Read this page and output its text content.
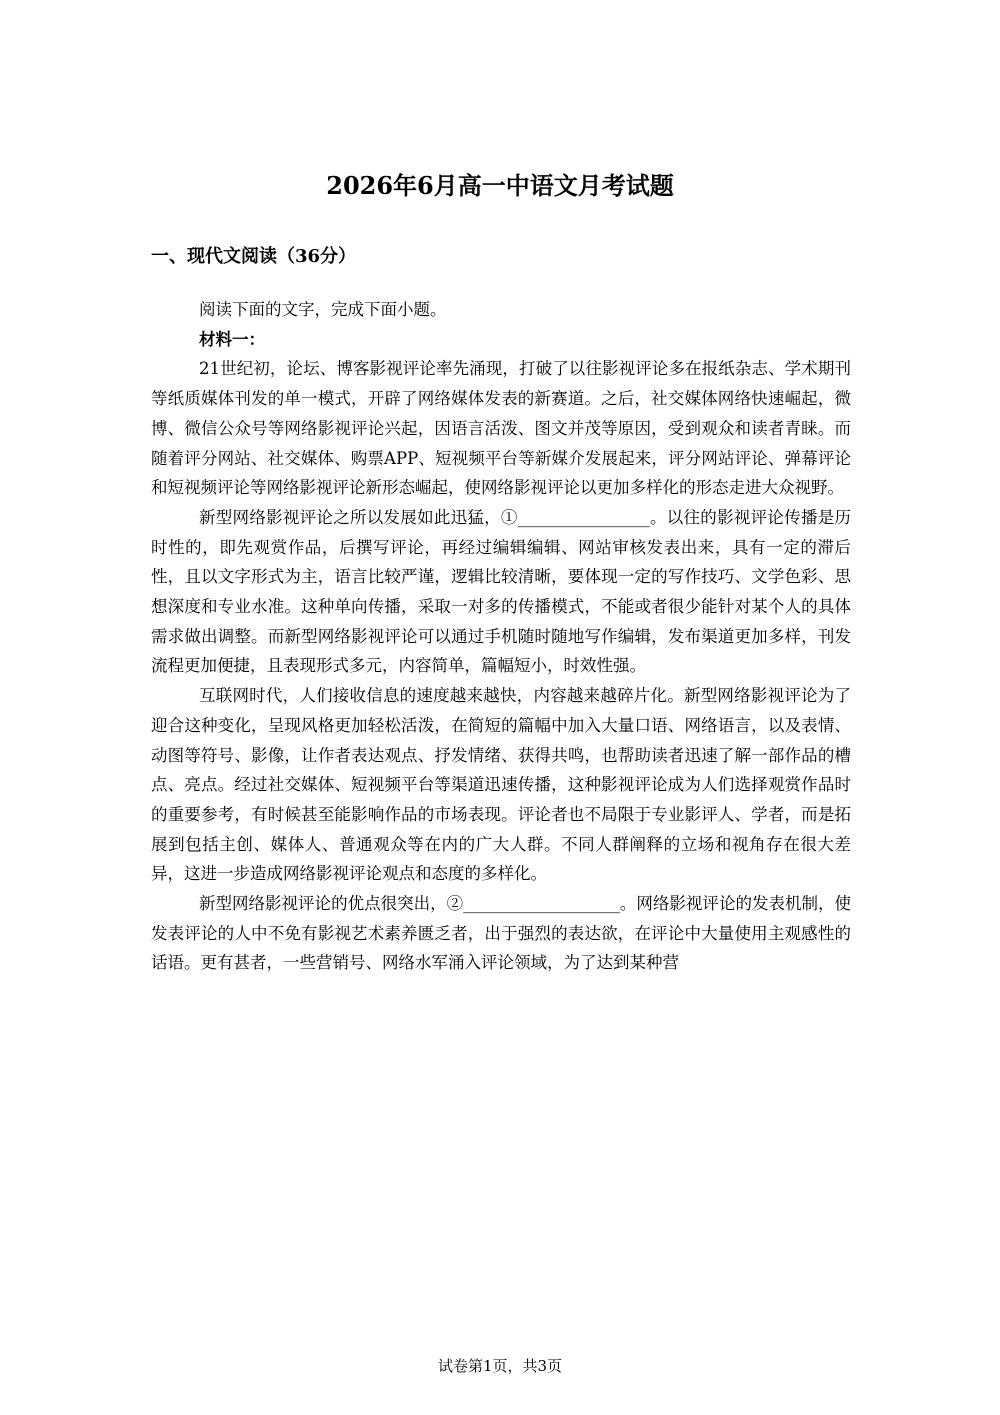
2026年6月高一中语文月考试题
一、现代文阅读（36分）

阅读下面的文字，完成下面小题。

材料一：

21世纪初，论坛、博客影视评论率先涌现，打破了以往影视评论多在报纸杂志、学术期刊等纸质媒体刊发的单一模式，开辟了网络媒体发表的新赛道。之后，社交媒体网络快速崛起，微博、微信公众号等网络影视评论兴起，因语言活泼、图文并茂等原因，受到观众和读者青睐。而随着评分网站、社交媒体、购票APP、短视频平台等新媒介发展起来，评分网站评论、弹幕评论和短视频评论等网络影视评论新形态崛起，使网络影视评论以更加多样化的形态走进大众视野。

新型网络影视评论之所以发展如此迅猛，①________________。以往的影视评论传播是历时性的，即先观赏作品，后撰写评论，再经过编辑编辑、网站审核发表出来，具有一定的滞后性，且以文字形式为主，语言比较严谨，逻辑比较清晰，要体现一定的写作技巧、文学色彩、思想深度和专业水准。这种单向传播，采取一对多的传播模式，不能或者很少能针对某个人的具体需求做出调整。而新型网络影视评论可以通过手机随时随地写作编辑，发布渠道更加多样，刊发流程更加便捷，且表现形式多元，内容简单，篇幅短小，时效性强。

互联网时代，人们接收信息的速度越来越快，内容越来越碎片化。新型网络影视评论为了迎合这种变化，呈现风格更加轻松活泼，在简短的篇幅中加入大量口语、网络语言，以及表情、动图等符号、影像，让作者表达观点、抒发情绪、获得共鸣，也帮助读者迅速了解一部作品的槽点、亮点。经过社交媒体、短视频平台等渠道迅速传播，这种影视评论成为人们选择观赏作品时的重要参考，有时候甚至能影响作品的市场表现。评论者也不局限于专业影评人、学者，而是拓展到包括主创、媒体人、普通观众等在内的广大人群。不同人群阐释的立场和视角存在很大差异，这进一步造成网络影视评论观点和态度的多样化。

新型网络影视评论的优点很突出，②___________________。网络影视评论的发表机制，使发表评论的人中不免有影视艺术素养匮乏者，出于强烈的表达欲，在评论中大量使用主观感性的话语。更有甚者，一些营销号、网络水军涌入评论领域，为了达到某种营

试卷第1页，共3页
